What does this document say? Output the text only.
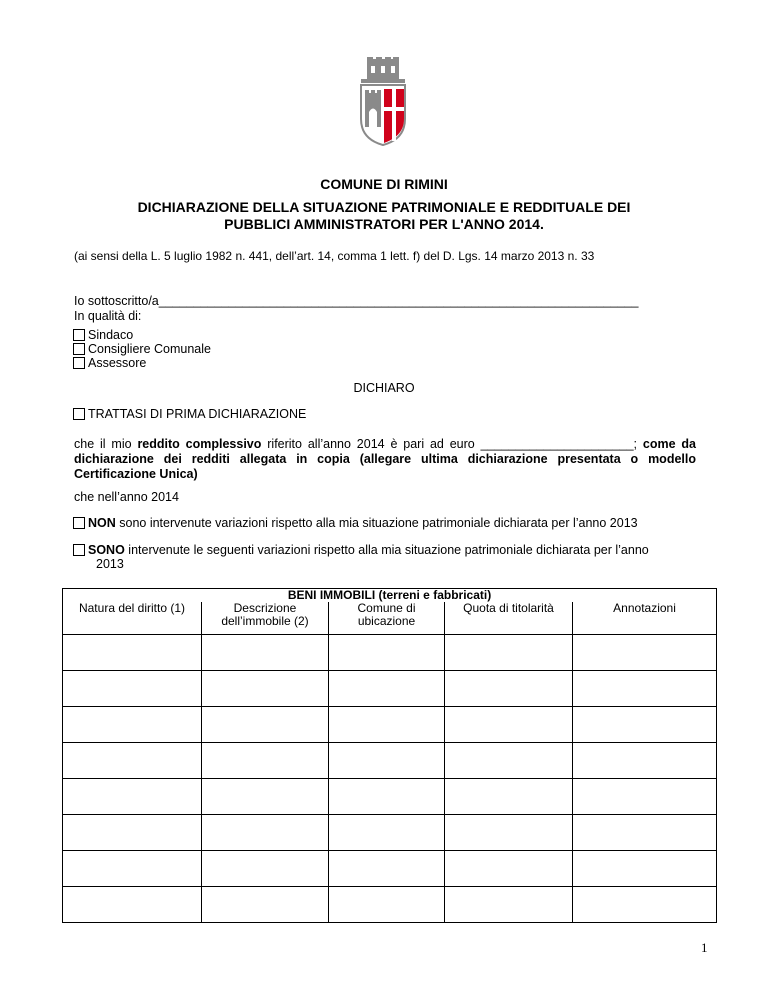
COMUNE DI RIMINI
DICHIARAZIONE DELLA SITUAZIONE PATRIMONIALE E REDDITUALE DEI
PUBBLICI AMMINISTRATORI PER L'ANNO 2014.
(ai sensi della L. 5 luglio 1982 n. 441, dell’art. 14, comma 1 lett. f) del D. Lgs. 14 marzo 2013 n. 33
Io sottoscritto/a_____________________________________________________________________
In qualità di:
Sindaco
Consigliere Comunale
Assessore
DICHIARO
TRATTASI DI PRIMA DICHIARAZIONE
che il mio reddito complessivo riferito all’anno 2014 è pari ad euro ______________________; come da dichiarazione dei redditi allegata in copia (allegare ultima dichiarazione presentata o modello Certificazione Unica)
che nell’anno 2014
NON sono intervenute variazioni rispetto alla mia situazione patrimoniale dichiarata per l’anno 2013
SONO intervenute le seguenti variazioni rispetto alla mia situazione patrimoniale dichiarata per l’anno
2013
BENI IMMOBILI (terreni e fabbricati)				
Natura del diritto (1)	Descrizione dell’immobile (2)	Comune di ubicazione	Quota di titolarità	Annotazioni

1
